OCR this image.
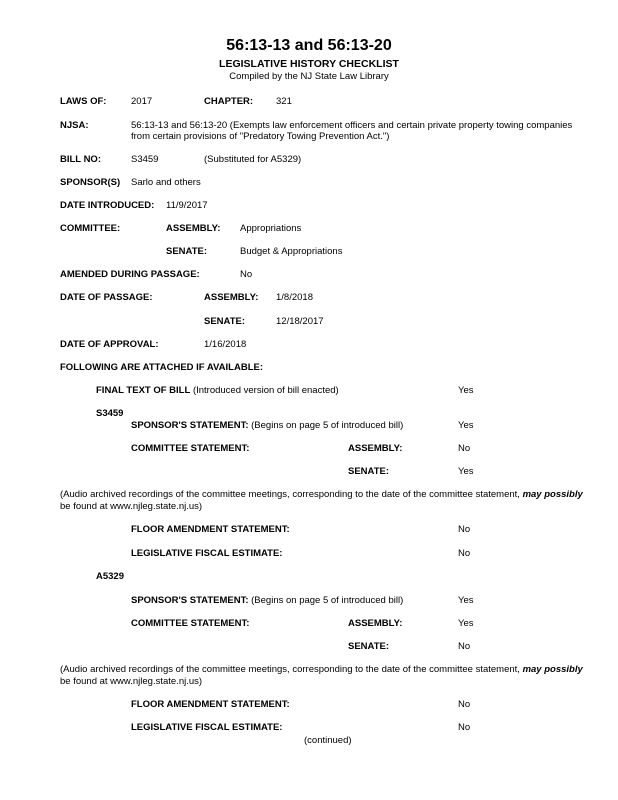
56:13-13 and 56:13-20
LEGISLATIVE HISTORY CHECKLIST
Compiled by the NJ State Law Library
LAWS OF:	2017	CHAPTER: 321
NJSA:	56:13-13 and 56:13-20 (Exempts law enforcement officers and certain private property towing companies
from certain provisions of "Predatory Towing Prevention Act.")
BILL NO:	S3459	(Substituted for A5329)
SPONSOR(S) Sarlo and others
DATE INTRODUCED: 11/9/2017
COMMITTEE:	ASSEMBLY: Appropriations
SENATE:	Budget & Appropriations
AMENDED DURING PASSAGE:	No
DATE OF PASSAGE:	ASSEMBLY: 1/8/2018
SENATE:	12/18/2017
DATE OF APPROVAL:	1/16/2018
FOLLOWING ARE ATTACHED IF AVAILABLE:
FINAL TEXT OF BILL (Introduced version of bill enacted)	Yes
S3459
SPONSOR'S STATEMENT: (Begins on page 5 of introduced bill)	Yes
COMMITTEE STATEMENT:	ASSEMBLY:	No
SENATE:	Yes
(Audio archived recordings of the committee meetings, corresponding to the date of the committee statement, may possibly
be found at www.njleg.state.nj.us)
FLOOR AMENDMENT STATEMENT:	No
LEGISLATIVE FISCAL ESTIMATE:	No
A5329
SPONSOR'S STATEMENT: (Begins on page 5 of introduced bill)	Yes
COMMITTEE STATEMENT:	ASSEMBLY:	Yes
SENATE:	No
(Audio archived recordings of the committee meetings, corresponding to the date of the committee statement, may possibly
be found at www.njleg.state.nj.us)
FLOOR AMENDMENT STATEMENT:	No
LEGISLATIVE FISCAL ESTIMATE:	No
(continued)
